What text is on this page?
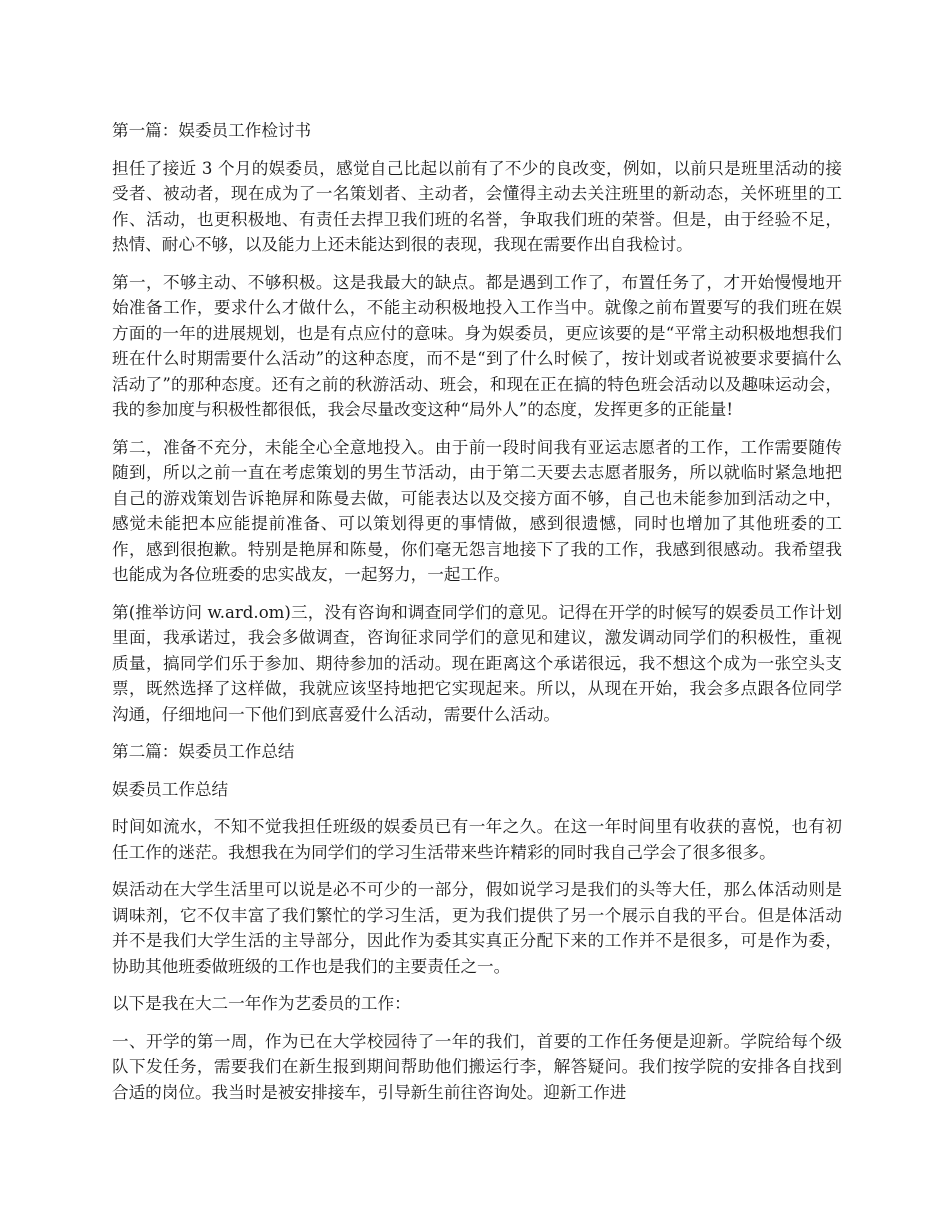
第一篇：娱委员工作检讨书

担任了接近 3 个月的娱委员，感觉自己比起以前有了不少的良改变，例如，以前只是班里活动的接受者、被动者，现在成为了一名策划者、主动者，会懂得主动去关注班里的新动态，关怀班里的工作、活动，也更积极地、有责任去捍卫我们班的名誉，争取我们班的荣誉。但是，由于经验不足，热情、耐心不够，以及能力上还未能达到很的表现，我现在需要作出自我检讨。

第一，不够主动、不够积极。这是我最大的缺点。都是遇到工作了，布置任务了，才开始慢慢地开始准备工作，要求什么才做什么，不能主动积极地投入工作当中。就像之前布置要写的我们班在娱方面的一年的进展规划，也是有点应付的意味。身为娱委员，更应该要的是“平常主动积极地想我们班在什么时期需要什么活动”的这种态度，而不是“到了什么时候了，按计划或者说被要求要搞什么活动了”的那种态度。还有之前的秋游活动、班会，和现在正在搞的特色班会活动以及趣味运动会，我的参加度与积极性都很低，我会尽量改变这种“局外人”的态度，发挥更多的正能量!

第二，准备不充分，未能全心全意地投入。由于前一段时间我有亚运志愿者的工作，工作需要随传随到，所以之前一直在考虑策划的男生节活动，由于第二天要去志愿者服务，所以就临时紧急地把自己的游戏策划告诉艳屏和陈曼去做，可能表达以及交接方面不够，自己也未能参加到活动之中，感觉未能把本应能提前准备、可以策划得更的事情做，感到很遗憾，同时也增加了其他班委的工作，感到很抱歉。特别是艳屏和陈曼，你们毫无怨言地接下了我的工作，我感到很感动。我希望我也能成为各位班委的忠实战友，一起努力，一起工作。

第(推举访问 w.ard.om)三，没有咨询和调查同学们的意见。记得在开学的时候写的娱委员工作计划里面，我承诺过，我会多做调查，咨询征求同学们的意见和建议，激发调动同学们的积极性，重视质量，搞同学们乐于参加、期待参加的活动。现在距离这个承诺很远，我不想这个成为一张空头支票，既然选择了这样做，我就应该坚持地把它实现起来。所以，从现在开始，我会多点跟各位同学沟通，仔细地问一下他们到底喜爱什么活动，需要什么活动。

第二篇：娱委员工作总结

娱委员工作总结

时间如流水，不知不觉我担任班级的娱委员已有一年之久。在这一年时间里有收获的喜悦，也有初任工作的迷茫。我想我在为同学们的学习生活带来些许精彩的同时我自己学会了很多很多。

娱活动在大学生活里可以说是必不可少的一部分，假如说学习是我们的头等大任，那么体活动则是调味剂，它不仅丰富了我们繁忙的学习生活，更为我们提供了另一个展示自我的平台。但是体活动并不是我们大学生活的主导部分，因此作为委其实真正分配下来的工作并不是很多，可是作为委，协助其他班委做班级的工作也是我们的主要责任之一。

以下是我在大二一年作为艺委员的工作：

一、开学的第一周，作为已在大学校园待了一年的我们，首要的工作任务便是迎新。学院给每个级队下发任务，需要我们在新生报到期间帮助他们搬运行李，解答疑问。我们按学院的安排各自找到合适的岗位。我当时是被安排接车，引导新生前往咨询处。迎新工作进
